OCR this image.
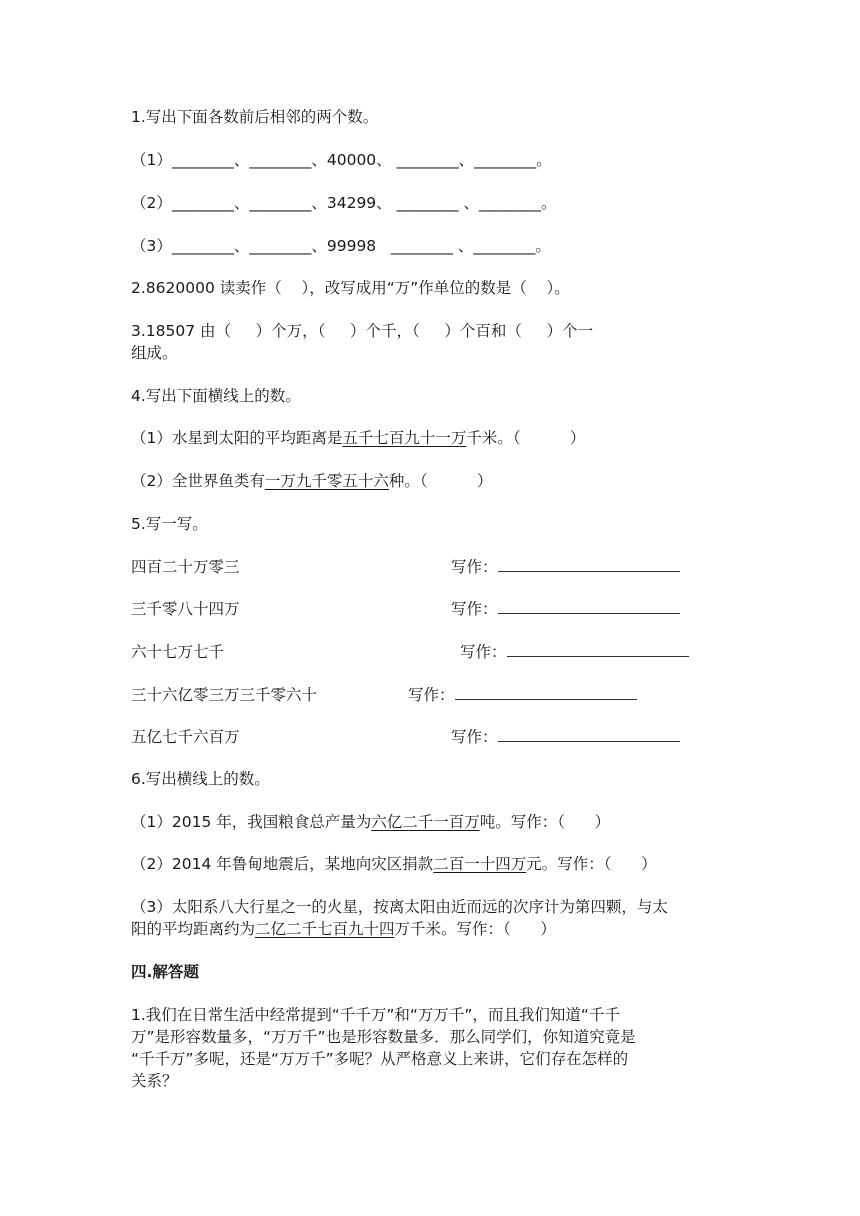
1.写出下面各数前后相邻的两个数。
（1）________、________、40000、 ________、________。
（2）________、________、34299、 ________ 、________。
（3）________、________、99998   ________ 、________。
2.8620000 读卖作（    ），改写成用“万”作单位的数是（    ）。
3.18507 由（     ）个万，（     ）个千，（     ）个百和（     ）个一
组成。
4.写出下面横线上的数。
（1）水星到太阳的平均距离是五千七百九十一万千米。（          ）
（2）全世界鱼类有一万九千零五十六种。（          ）
5.写一写。
四百二十万零三	写作：
三千零八十四万	写作：
六十七万七千	写作：
三十六亿零三万三千零六十	写作：
五亿七千六百万	写作：
6.写出横线上的数。
（1）2015 年，我国粮食总产量为六亿二千一百万吨。写作：（      ）
（2）2014 年鲁甸地震后，某地向灾区捐款二百一十四万元。写作：（      ）
（3）太阳系八大行星之一的火星，按离太阳由近而远的次序计为第四颗，与太
阳的平均距离约为二亿二千七百九十四万千米。写作：（      ）
四.解答题
1.我们在日常生活中经常提到“千千万”和“万万千”，而且我们知道“千千
万”是形容数量多，“万万千”也是形容数量多．那么同学们，你知道究竟是
“千千万”多呢，还是“万万千”多呢？从严格意义上来讲，它们存在怎样的
关系？
